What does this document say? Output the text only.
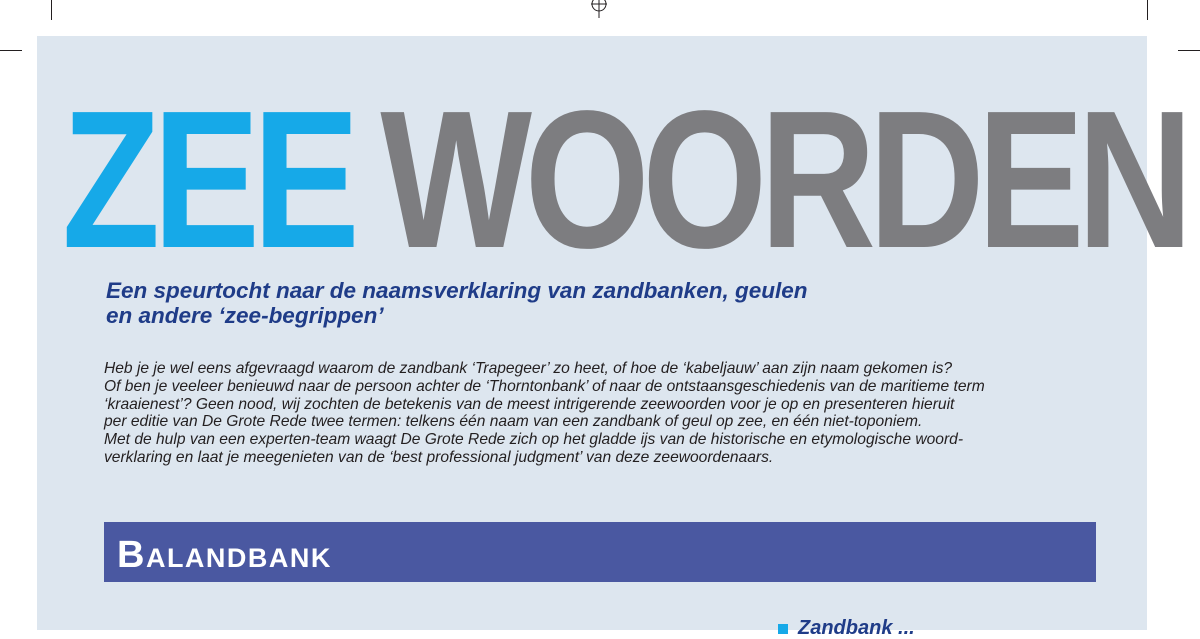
ZEE WOORDEN
Een speurtocht naar de naamsverklaring van zandbanken, geulen
en andere ‘zee-begrippen’

Heb je je wel eens afgevraagd waarom de zandbank ‘Trapegeer’ zo heet, of hoe de ‘kabeljauw’ aan zijn naam gekomen is?

Of ben je veeleer benieuwd naar de persoon achter de ‘Thorntonbank’ of naar de ontstaansgeschiedenis van de maritieme term

‘kraaienest’? Geen nood, wij zochten de betekenis van de meest intrigerende zeewoorden voor je op en presenteren hieruit

per editie van De Grote Rede twee termen: telkens één naam van een zandbank of geul op zee, en één niet-toponiem.

Met de hulp van een experten-team waagt De Grote Rede zich op het gladde ijs van de historische en etymologische woord-

verklaring en laat je meegenieten van de ‘best professional judgment’ van deze zeewoordenaars.

Balandbank
Zandbank ...
